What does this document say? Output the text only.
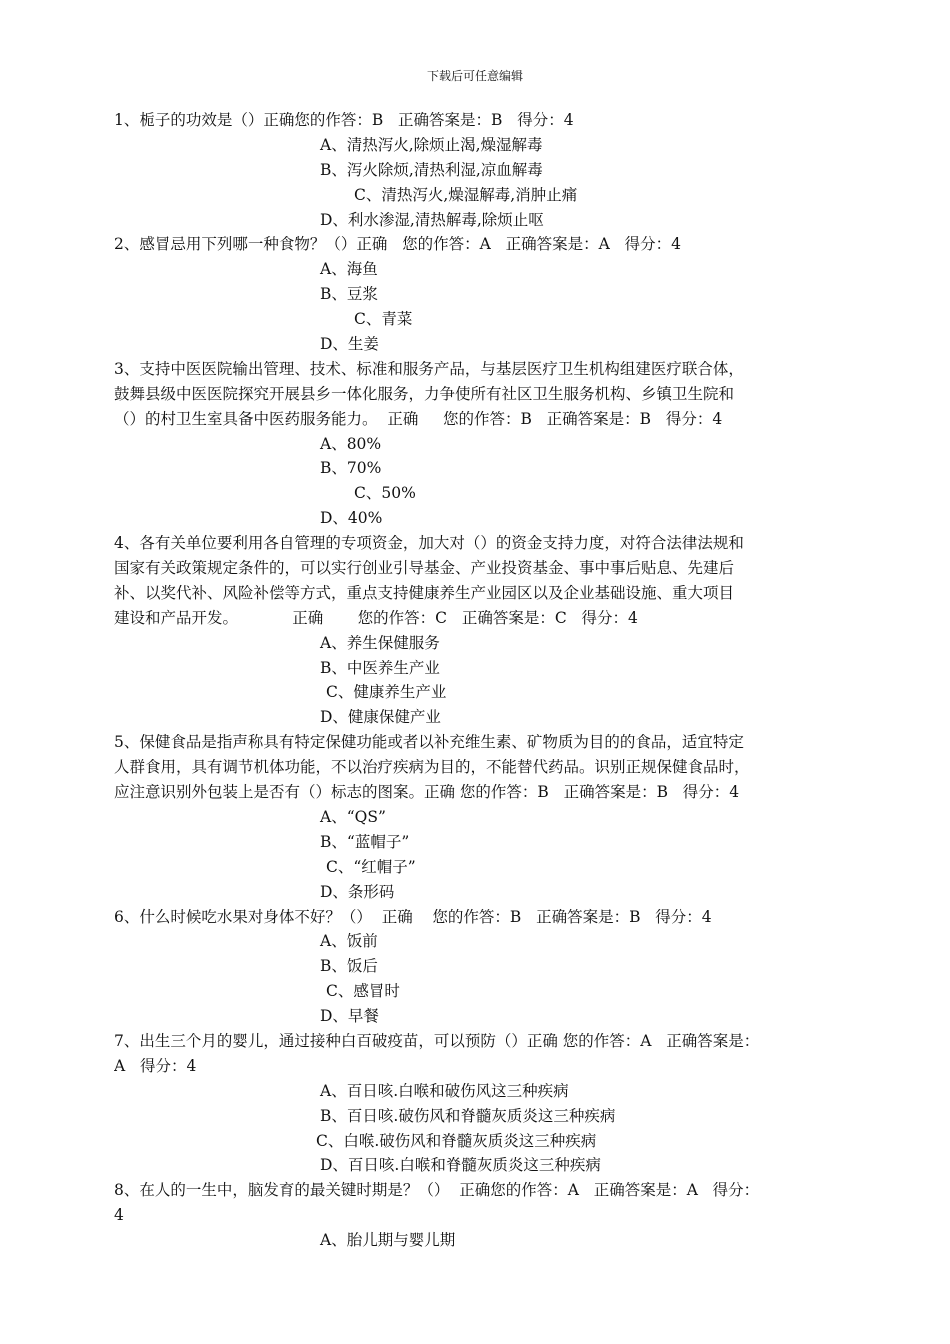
下载后可任意编辑
1、栀子的功效是（）正确您的作答：B   正确答案是：B   得分：4
A、清热泻火,除烦止渴,燥湿解毒
B、泻火除烦,清热利湿,凉血解毒
C、清热泻火,燥湿解毒,消肿止痛
D、利水渗湿,清热解毒,除烦止呕
2、感冒忌用下列哪一种食物？（）正确   您的作答：A   正确答案是：A   得分：4
A、海鱼
B、豆浆
C、青菜
D、生姜
3、支持中医医院输出管理、技术、标准和服务产品，与基层医疗卫生机构组建医疗联合体，
鼓舞县级中医医院探究开展县乡一体化服务，力争使所有社区卫生服务机构、乡镇卫生院和
（）的村卫生室具备中医药服务能力。  正确     您的作答：B   正确答案是：B   得分：4
A、80%
B、70%
C、50%
D、40%
4、各有关单位要利用各自管理的专项资金，加大对（）的资金支持力度，对符合法律法规和
国家有关政策规定条件的，可以实行创业引导基金、产业投资基金、事中事后贴息、先建后
补、以奖代补、风险补偿等方式，重点支持健康养生产业园区以及企业基础设施、重大项目
建设和产品开发。           正确       您的作答：C   正确答案是：C   得分：4
A、养生保健服务
B、中医养生产业
C、健康养生产业
D、健康保健产业
5、保健食品是指声称具有特定保健功能或者以补充维生素、矿物质为目的的食品，适宜特定
人群食用，具有调节机体功能，不以治疗疾病为目的，不能替代药品。识别正规保健食品时，
应注意识别外包装上是否有（）标志的图案。正确 您的作答：B   正确答案是：B   得分：4
A、“QS”
B、“蓝帽子”
C、“红帽子”
D、条形码
6、什么时候吃水果对身体不好？（）  正确    您的作答：B   正确答案是：B   得分：4
A、饭前
B、饭后
C、感冒时
D、早餐
7、出生三个月的婴儿，通过接种白百破疫苗，可以预防（）正确 您的作答：A   正确答案是：
A   得分：4
A、百日咳.白喉和破伤风这三种疾病
B、百日咳.破伤风和脊髓灰质炎这三种疾病
C、白喉.破伤风和脊髓灰质炎这三种疾病
D、百日咳.白喉和脊髓灰质炎这三种疾病
8、在人的一生中，脑发育的最关键时期是？（）  正确您的作答：A   正确答案是：A   得分：
4
A、胎儿期与婴儿期
